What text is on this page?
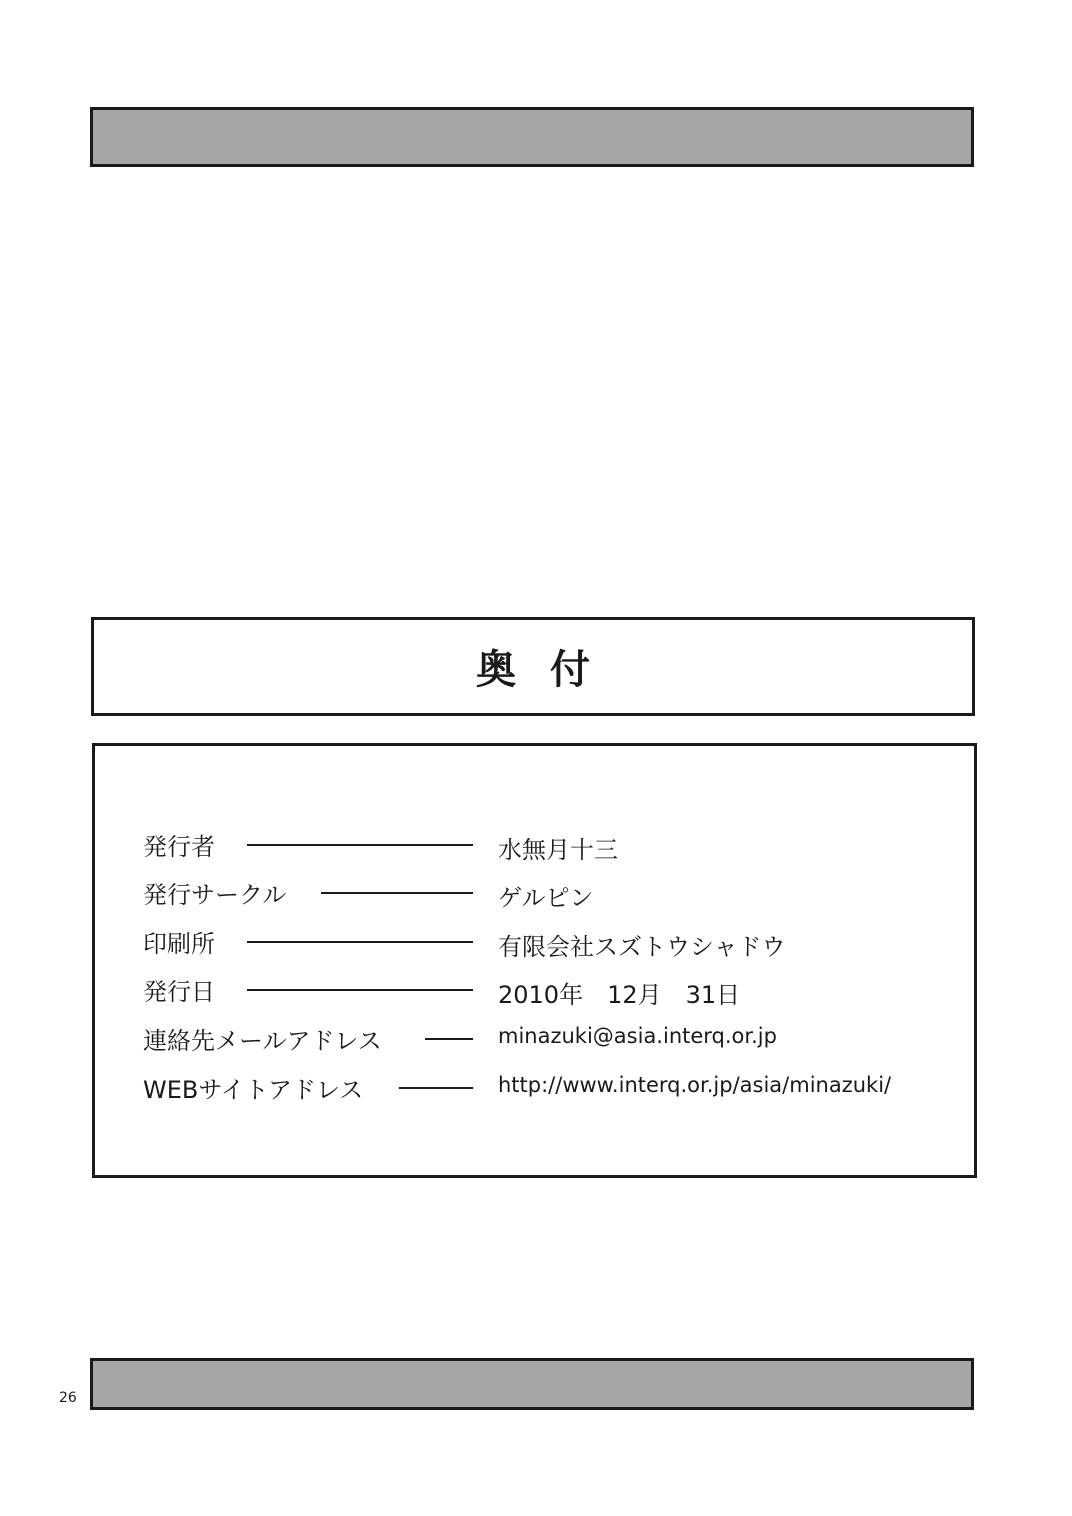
奥付
発行者	水無月十三
発行サークル	ゲルピン
印刷所	有限会社スズトウシャドウ
発行日	2010年　12月　31日
連絡先メールアドレス	minazuki@asia.interq.or.jp
WEBサイトアドレス	http://www.interq.or.jp/asia/minazuki/
26
